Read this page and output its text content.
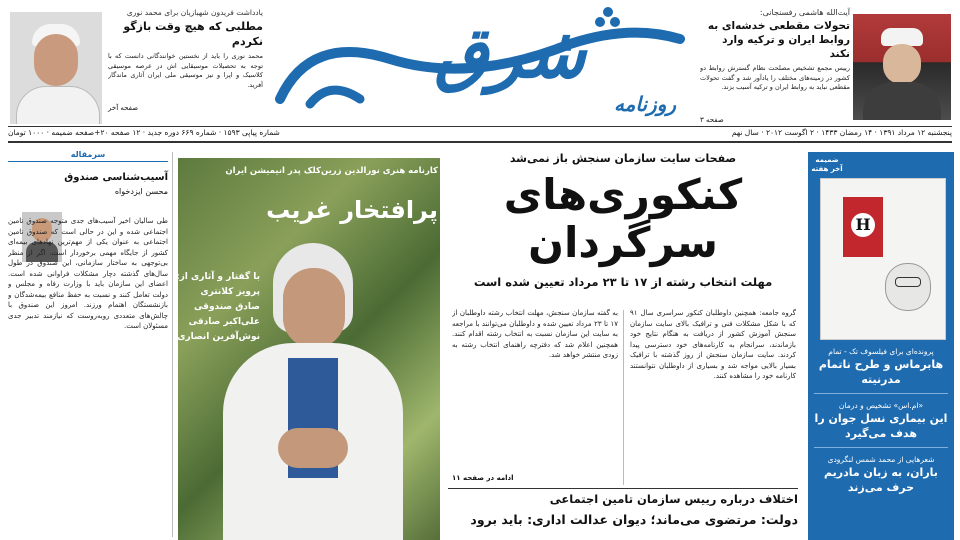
آیت‌الله هاشمی رفسنجانی:
تحولات مقطعی خدشه‌ای به روابط ایران و ترکیه وارد نکند
رییس مجمع تشخیص مصلحت نظام گسترش روابط دو کشور در زمینه‌های مختلف را یادآور شد و گفت تحولات مقطعی نباید به روابط ایران و ترکیه آسیب بزند.
صفحه ۳
یادداشت فریدون شهبازیان برای محمد نوری
مطلبی که هیچ وقت بازگو نکردم
محمد نوری را باید از نخستین خوانندگانی دانست که با توجه به تحصیلات موسیقایی اش در عرصه موسیقی کلاسیک و اپرا و نیز موسیقی ملی ایران آثاری ماندگار آفرید.
صفحه آخر
شرق
روزنامه
پنجشنبه ۱۲ مرداد ۱۳۹۱ · ۱۴ رمضان ۱۴۳۳ · ۲ اگوست ۲۰۱۲ · سال نهم
شماره پیاپی ۱۵۹۳ · شماره ۶۶۹ دوره جدید · ۱۲ صفحه ۲۰+صفحه ضمیمه · ۱۰۰۰ تومان
سرمقاله
آسیب‌شناسی صندوق
محسن ایزدخواه
طی سالیان اخیر آسیب‌های جدی متوجه صندوق تامین اجتماعی شده و این در حالی است که صندوق تامین اجتماعی به عنوان یکی از مهم‌ترین نهادهای بیمه‌ای کشور از جایگاه مهمی برخوردار است. اگر از منظر بی‌توجهی به ساختار سازمانی، این صندوق در طول سال‌های گذشته دچار مشکلات فراوانی شده است. اعضای این سازمان باید با وزارت رفاه و مجلس و دولت تعامل کنند و نسبت به حفظ منافع بیمه‌شدگان و بازنشستگان اهتمام ورزند. امروز این صندوق با چالش‌های متعددی روبه‌روست که نیازمند تدبیر جدی مسئولان است.
کارنامه هنری نورالدین زرین‌کلک پدر انیمیشن ایران
پرافتخار غریب
با گفتار و آثاری از:
پرویز کلانتری
صادق صندوقی
علی‌اکبر صادقی
نوش‌آفرین انصاری
عکس: آیدین زمان‌دخت
صفحات سایت سازمان سنجش باز نمی‌شد
کنکوری‌های
سرگردان
مهلت انتخاب رشته از ۱۷ تا ۲۳ مرداد تعیین شده است
گروه جامعه: همچنین داوطلبان کنکور سراسری سال ۹۱ که با شکل مشکلات فنی و ترافیک بالای سایت سازمان سنجش آموزش کشور از دریافت به هنگام نتایج خود بازماندند، سرانجام به کارنامه‌های خود دسترسی پیدا کردند. سایت سازمان سنجش از روز گذشته با ترافیک بسیار بالایی مواجه شد و بسیاری از داوطلبان نتوانستند کارنامه خود را مشاهده کنند.
به گفته سازمان سنجش، مهلت انتخاب رشته داوطلبان از ۱۷ تا ۲۳ مرداد تعیین شده و داوطلبان می‌توانند با مراجعه به سایت این سازمان نسبت به انتخاب رشته اقدام کنند. همچنین اعلام شد که دفترچه راهنمای انتخاب رشته به زودی منتشر خواهد شد.
ادامه در صفحه ۱۱
اختلاف درباره رییس سازمان تامین اجتماعی
دولت: مرتضوی می‌ماند؛ دیوان عدالت اداری: باید برود
ضمیمه آخر هفته
H
پرونده‌ای برای فیلسوف تک - تمام
هابرماس و طرح ناتمام مدرنیته
«ام.اس» تشخیص و درمان
این بیماری نسل جوان را هدف می‌گیرد
شعرهایی از محمد شمس لنگرودی
باران، به زبان مادریم حرف می‌زند
